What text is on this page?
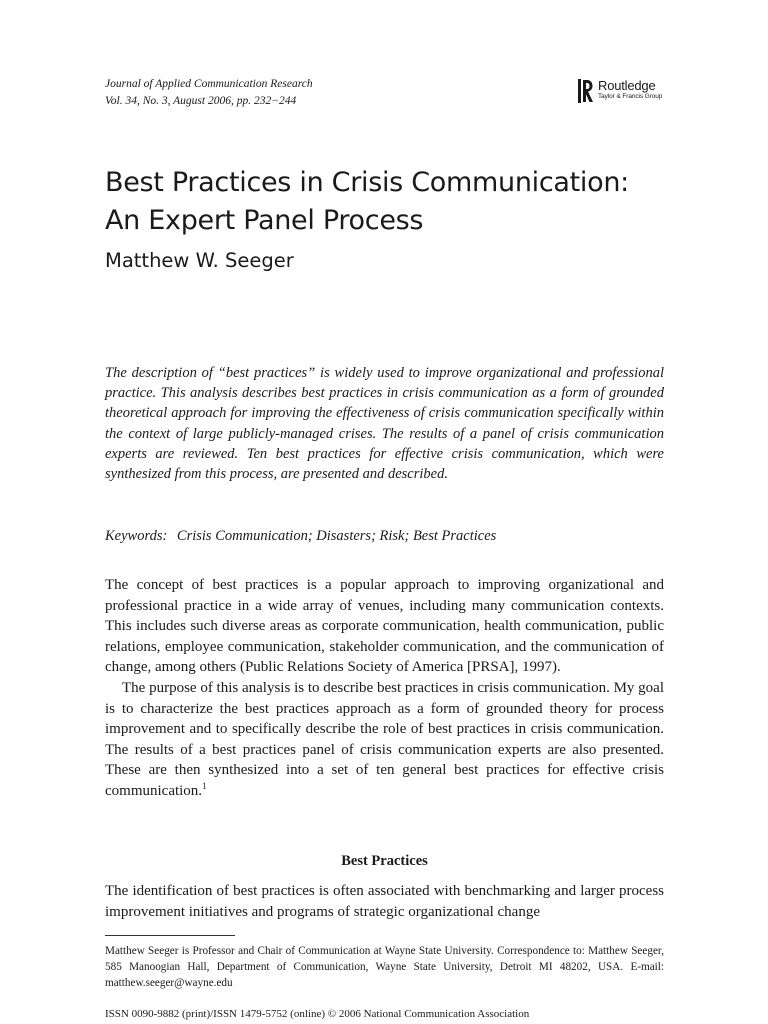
Journal of Applied Communication Research
Vol. 34, No. 3, August 2006, pp. 232−244
Routledge
Taylor & Francis Group
Best Practices in Crisis Communication:
An Expert Panel Process
Matthew W. Seeger

The description of “best practices” is widely used to improve organizational and professional practice. This analysis describes best practices in crisis communication as a form of grounded theoretical approach for improving the effectiveness of crisis communication specifically within the context of large publicly-managed crises. The results of a panel of crisis communication experts are reviewed. Ten best practices for effective crisis communication, which were synthesized from this process, are presented and described.

Keywords: Crisis Communication; Disasters; Risk; Best Practices

The concept of best practices is a popular approach to improving organizational and professional practice in a wide array of venues, including many communication contexts. This includes such diverse areas as corporate communication, health communication, public relations, employee communication, stakeholder communication, and the communication of change, among others (Public Relations Society of America [PRSA], 1997).

The purpose of this analysis is to describe best practices in crisis communication. My goal is to characterize the best practices approach as a form of grounded theory for process improvement and to specifically describe the role of best practices in crisis communication. The results of a best practices panel of crisis communication experts are also presented. These are then synthesized into a set of ten general best practices for effective crisis communication.$^1$

Best Practices

The identification of best practices is often associated with benchmarking and larger process improvement initiatives and programs of strategic organizational change

Matthew Seeger is Professor and Chair of Communication at Wayne State University. Correspondence to: Matthew Seeger, 585 Manoogian Hall, Department of Communication, Wayne State University, Detroit MI 48202, USA. E-mail: matthew.seeger@wayne.edu

ISSN 0090-9882 (print)/ISSN 1479-5752 (online) © 2006 National Communication Association
